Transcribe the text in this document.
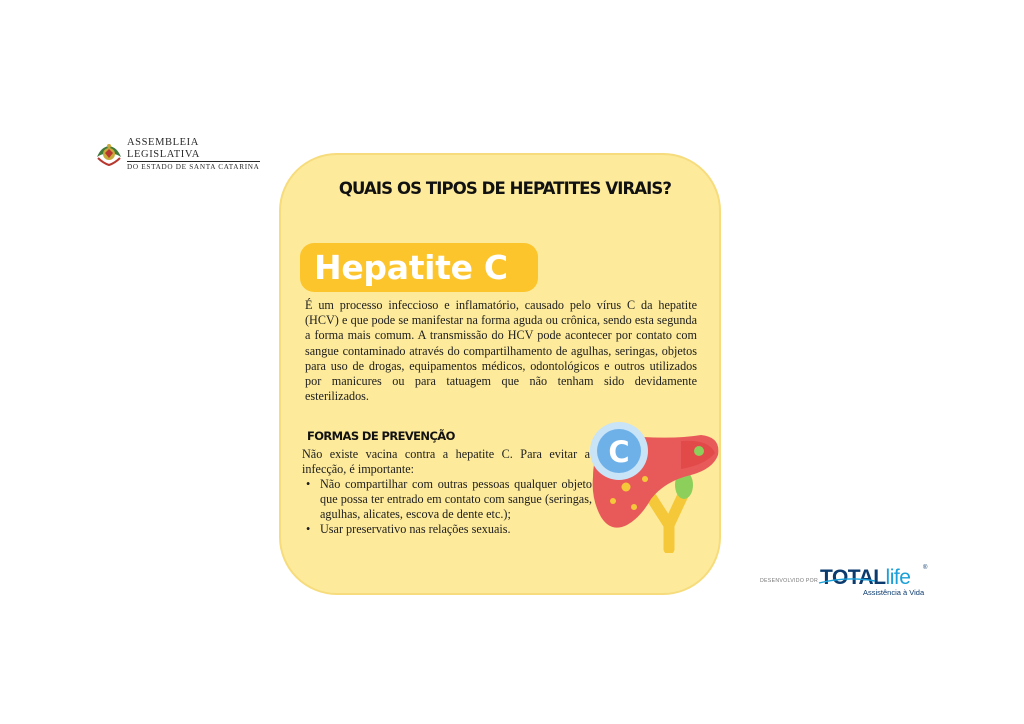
ASSEMBLEIA LEGISLATIVA
DO ESTADO DE SANTA CATARINA
QUAIS OS TIPOS DE HEPATITES VIRAIS?
Hepatite C

É um processo infeccioso e inflamatório, causado pelo vírus C da hepatite (HCV) e que pode se manifestar na forma aguda ou crônica, sendo esta segunda a forma mais comum. A transmissão do HCV pode acontecer por contato com sangue contaminado através do compartilhamento de agulhas, seringas, objetos para uso de drogas, equipamentos médicos, odontológicos e outros utilizados por manicures ou para tatuagem que não tenham sido devidamente esterilizados.

FORMAS DE PREVENÇÃO

Não existe vacina contra a hepatite C. Para evitar a infecção, é importante:

• Não compartilhar com outras pessoas qualquer objeto que possa ter entrado em contato com sangue (seringas, agulhas, alicates, escova de dente etc.);
• Usar preservativo nas relações sexuais.
C
DESENVOLVIDO POR TOTALlife ®
Assistência à Vida
